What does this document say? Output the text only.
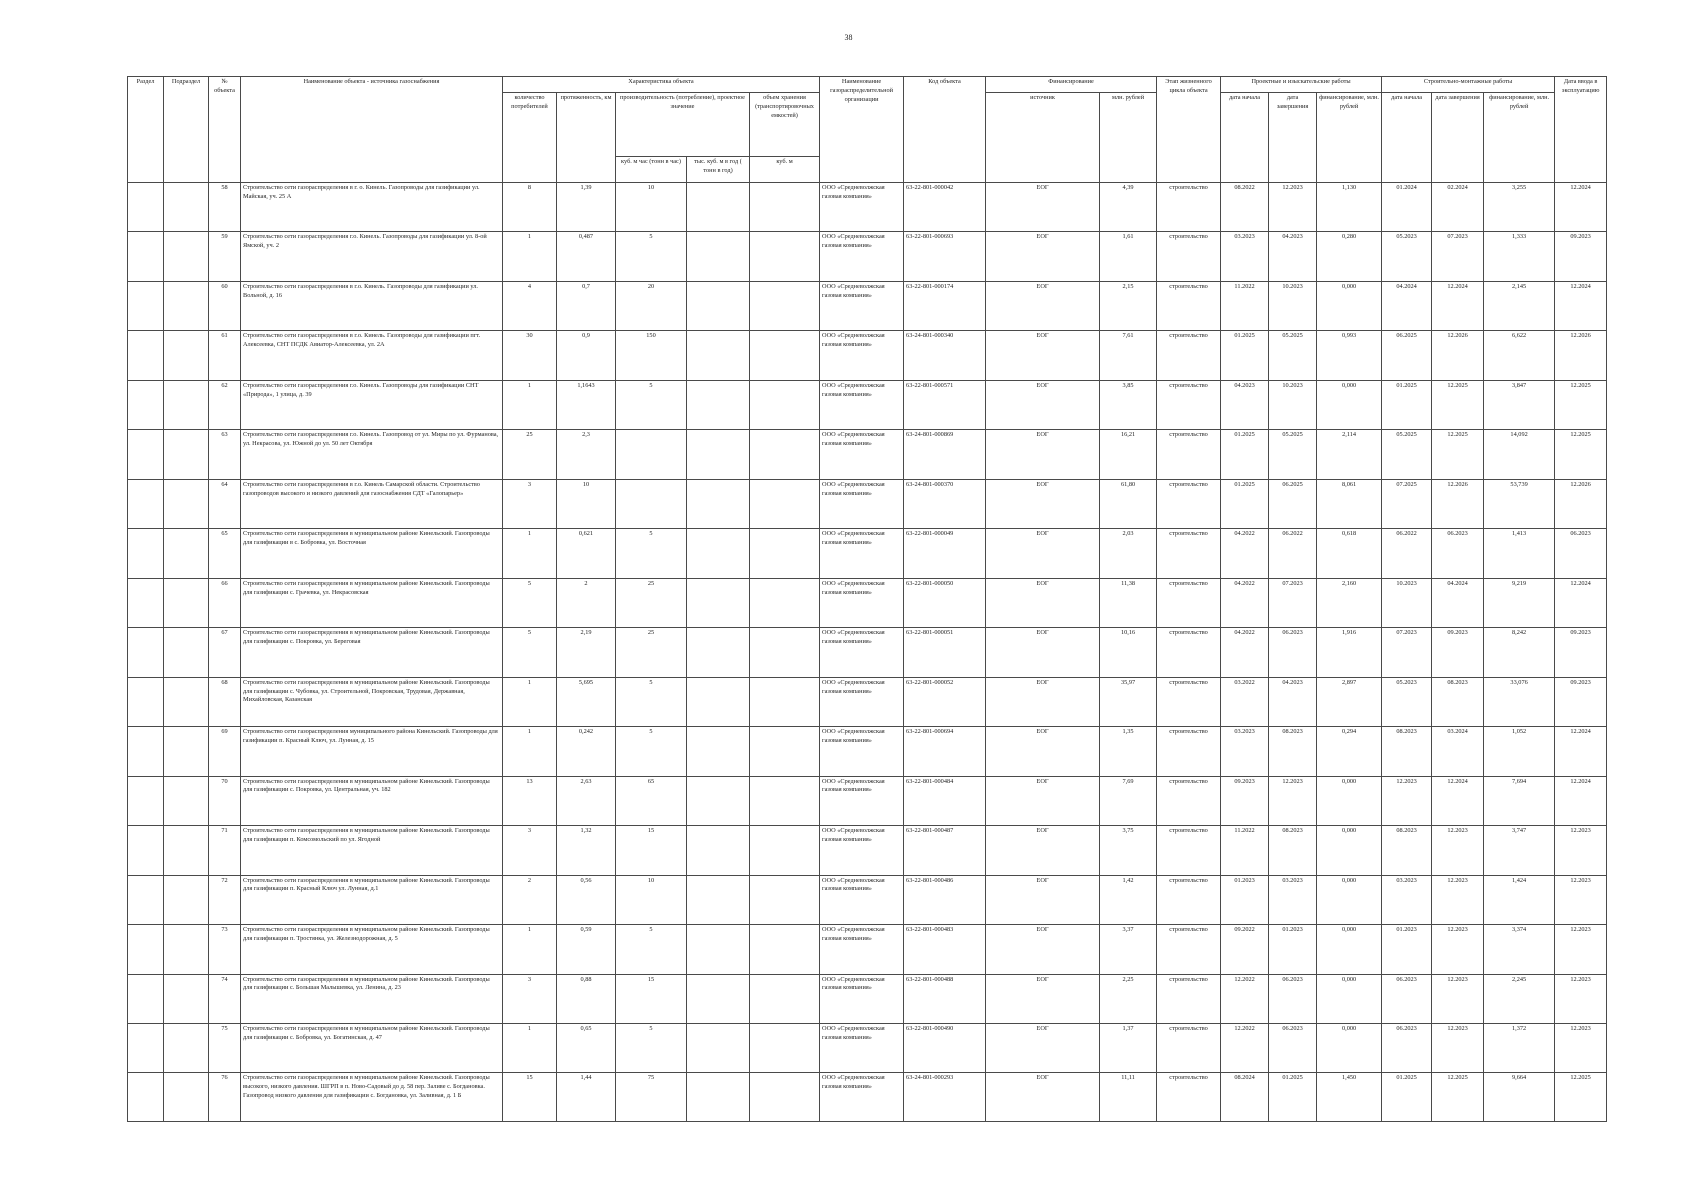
38
Раздел	Подраздел	№ объекта	Наименование объекта - источника газоснабжения	Характеристика объекта					Наименование газораспределительной организации	Код объекта	Финансирование		Этап жизненного цикла объекта	Проектные и изыскательские работы			Строительно-монтажные работы			Дата ввода в эксплуатацию
				количество потребителей	протяженность, км	производительность (потребление), проектное значение		объем хранения (транспортировочных емкостей)			источник	млн. рублей		дата начала	дата завершения	финансирование, млн. рублей	дата начала	дата завершения	финансирование, млн. рублей	
						куб. м час (тонн в час)	тыс. куб. м в год ( тонн в год)	куб. м												
		58	Строительство сети газораспределения в г. о. Кинель. Газопроводы для газификации ул. Майская, уч. 25 А	8	1,39	10			ООО «Средневолжская газовая компания»	63-22-801-000042	ЕОГ	4,39	строительство	08.2022	12.2023	1,130	01.2024	02.2024	3,255	12.2024
		59	Строительство сети газораспределения г.о. Кинель. Газопроводы для газификации ул. 8-ой Ямской, уч. 2	1	0,487	5			ООО «Средневолжская газовая компания»	63-22-801-000693	ЕОГ	1,61	строительство	03.2023	04.2023	0,280	05.2023	07.2023	1,333	09.2023
		60	Строительство сети газораспределения в г.о. Кинель. Газопроводы для газификации ул. Вольной, д. 16	4	0,7	20			ООО «Средневолжская газовая компания»	63-22-801-000174	ЕОГ	2,15	строительство	11.2022	10.2023	0,000	04.2024	12.2024	2,145	12.2024
		61	Строительство сети газораспределения в г.о. Кинель. Газопроводы для газификации пгт. Алексеевка, СНТ ПСДК Авиатор-Алексеевка, ул. 2А	30	0,9	150			ООО «Средневолжская газовая компания»	63-24-801-000340	ЕОГ	7,61	строительство	01.2025	05.2025	0,993	06.2025	12.2026	6,622	12.2026
		62	Строительство сети газораспределения г.о. Кинель. Газопроводы для газификации СНТ «Природа», 1 улица, д. 39	1	1,1643	5			ООО «Средневолжская газовая компания»	63-22-801-000571	ЕОГ	3,85	строительство	04.2023	10.2023	0,000	01.2025	12.2025	3,847	12.2025
		63	Строительство сети газораспределения г.о. Кинель. Газопровод от ул. Миры по ул. Фурманова, ул. Некрасова, ул. Южной до ул. 50 лет Октября	25	2,3				ООО «Средневолжская газовая компания»	63-24-801-000869	ЕОГ	16,21	строительство	01.2025	05.2025	2,114	05.2025	12.2025	14,092	12.2025
		64	Строительство сети газораспределения в г.о. Кинель Самарской области. Строительство газопроводов высокого и низкого давлений для газоснабжения СДТ «Галопарьер»	3	10				ООО «Средневолжская газовая компания»	63-24-801-000370	ЕОГ	61,80	строительство	01.2025	06.2025	8,061	07.2025	12.2026	53,739	12.2026
		65	Строительство сети газораспределения в муниципальном районе Кинельский. Газопроводы для газификации в с. Бобровка, ул. Восточная	1	0,621	5			ООО «Средневолжская газовая компания»	63-22-801-000049	ЕОГ	2,03	строительство	04.2022	06.2022	0,618	06.2022	06.2023	1,413	06.2023
		66	Строительство сети газораспределения в муниципальном районе Кинельский. Газопроводы для газификации с. Грачевка, ул. Некрасовская	5	2	25			ООО «Средневолжская газовая компания»	63-22-801-000050	ЕОГ	11,38	строительство	04.2022	07.2023	2,160	10.2023	04.2024	9,219	12.2024
		67	Строительство сети газораспределения в муниципальном районе Кинельский. Газопроводы для газификации с. Покровка, ул. Береговая	5	2,19	25			ООО «Средневолжская газовая компания»	63-22-801-000051	ЕОГ	10,16	строительство	04.2022	06.2023	1,916	07.2023	09.2023	8,242	09.2023
		68	Строительство сети газораспределения в муниципальном районе Кинельский. Газопроводы для газификации с. Чубовка, ул. Строительной, Покровская, Трудовая, Державная, Михайловская, Казанская	1	5,695	5			ООО «Средневолжская газовая компания»	63-22-801-000052	ЕОГ	35,97	строительство	03.2022	04.2023	2,897	05.2023	08.2023	33,076	09.2023
		69	Строительство сети газораспределения муниципального района Кинельский. Газопроводы для газификации п. Красный Ключ, ул. Лунная, д. 15	1	0,242	5			ООО «Средневолжская газовая компания»	63-22-801-000694	ЕОГ	1,35	строительство	03.2023	08.2023	0,294	08.2023	03.2024	1,052	12.2024
		70	Строительство сети газораспределения в муниципальном районе Кинельский. Газопроводы для газификации с. Покровка, ул. Центральная, уч. 182	13	2,63	65			ООО «Средневолжская газовая компания»	63-22-801-000484	ЕОГ	7,69	строительство	09.2023	12.2023	0,000	12.2023	12.2024	7,694	12.2024
		71	Строительство сети газораспределения в муниципальном районе Кинельский. Газопроводы для газификации п. Комсомольский по ул. Ягодной	3	1,32	15			ООО «Средневолжская газовая компания»	63-22-801-000487	ЕОГ	3,75	строительство	11.2022	08.2023	0,000	08.2023	12.2023	3,747	12.2023
		72	Строительство сети газораспределения в муниципальном районе Кинельский. Газопроводы для газификации п. Красный Ключ ул. Лунная, д.1	2	0,56	10			ООО «Средневолжская газовая компания»	63-22-801-000486	ЕОГ	1,42	строительство	01.2023	03.2023	0,000	03.2023	12.2023	1,424	12.2023
		73	Строительство сети газораспределения в муниципальном районе Кинельский. Газопроводы для газификации п. Тростянка, ул. Железнодорожная, д. 5	1	0,59	5			ООО «Средневолжская газовая компания»	63-22-801-000483	ЕОГ	3,37	строительство	09.2022	01.2023	0,000	01.2023	12.2023	3,374	12.2023
		74	Строительство сети газораспределения в муниципальном районе Кинельский. Газопроводы для газификации с. Большая Малышевка, ул. Ленина, д. 23	3	0,88	15			ООО «Средневолжская газовая компания»	63-22-801-000488	ЕОГ	2,25	строительство	12.2022	06.2023	0,000	06.2023	12.2023	2,245	12.2023
		75	Строительство сети газораспределения в муниципальном районе Кинельский. Газопроводы для газификации с. Бобровка, ул. Богатинская, д. 47	1	0,65	5			ООО «Средневолжская газовая компания»	63-22-801-000490	ЕОГ	1,37	строительство	12.2022	06.2023	0,000	06.2023	12.2023	1,372	12.2023
		76	Строительство сети газораспределения в муниципальном районе Кинельский. Газопроводы высокого, низкого давления. ШГРП в п. Ново-Садовый до д. 58 пер. Заливе с. Богдановка. Газопровод низкого давления для газификации с. Богдановка, ул. Заливная, д. 1 Б	15	1,44	75			ООО «Средневолжская газовая компания»	63-24-801-000293	ЕОГ	11,11	строительство	08.2024	01.2025	1,450	01.2025	12.2025	9,664	12.2025
